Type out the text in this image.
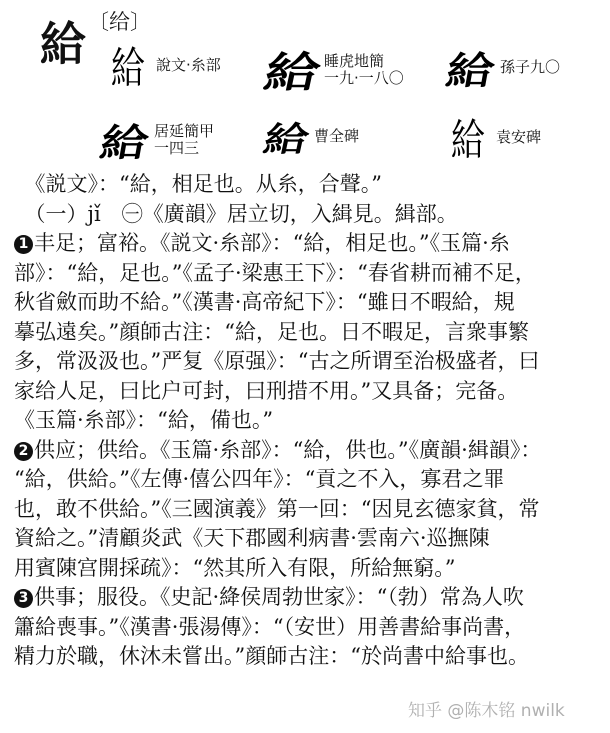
給 〔给〕
給 說文·糸部 給 睡虎地簡
一九·一八〇 給 孫子九〇
給 居延簡甲
一四三	給 曹全碑	給 袁安碑
　《説文》：“給，相足也。从糸，合聲。”
　（一）jǐ　㊀《廣韻》居立切，入緝見。緝部。
1 丰足；富裕。《説文·糸部》：“給，相足也。”《玉篇·糸
部》：“給，足也。”《孟子·梁惠王下》：“春省耕而補不足，
秋省斂而助不給。”《漢書·高帝紀下》：“雖日不暇給，規
摹弘遠矣。”顔師古注：“給，足也。日不暇足，言衆事繁
多，常汲汲也。”严复《原强》：“古之所谓至治极盛者，曰
家给人足，曰比户可封，曰刑措不用。”又具备；完备。
《玉篇·糸部》：“給，備也。”
2 供应；供给。《玉篇·糸部》：“給，供也。”《廣韻·緝韻》：
“給，供給。”《左傳·僖公四年》：“貢之不入，寡君之罪
也，敢不供給。”《三國演義》第一回：“因見玄德家貧，常
資給之。”清顧炎武《天下郡國利病書·雲南六·巡撫陳
用賓陳宫開採疏》：“然其所入有限，所給無窮。”
3 供事；服役。《史記·絳侯周勃世家》：“（勃）常為人吹
簫給喪事。”《漢書·張湯傳》：“（安世）用善書給事尚書，
精力於職，休沐未嘗出。”顔師古注：“於尚書中給事也。
知乎 @陈木铭 nwilk
